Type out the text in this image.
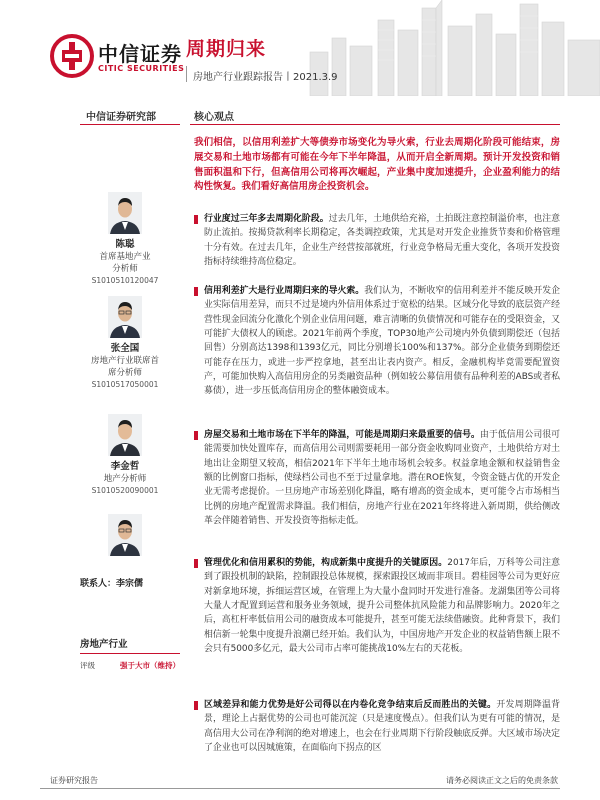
中信证券
CITIC SECURITIES
周期归来
房地产行业跟踪报告丨2021.3.9
中信证券研究部	核心观点
陈聪
首席基地产业
分析师
S1010510120047
张全国
房地产行业联席首
席分析师
S1010517050001
李金哲
地产分析师
S1010520090001
联系人：李宗儒
房地产行业
评级	强于大市（维持）
我们相信，以信用利差扩大等债券市场变化为导火索，行业去周期化阶段可能结束，房展交易和土地市场都有可能在今年下半年降温，从而开启全新周期。预计开发投资和销售面积温和下行，但高信用公司将再次崛起，产业集中度加速提升，企业盈利能力的结构性恢复。我们看好高信用房企投资机会。
行业度过三年多去周期化阶段。过去几年，土地供给充裕，土拍既注意控制溢价率，也注意防止流拍。按揭贷款利率长期稳定，各类调控政策，尤其是对开发企业推货节奏和价格管理十分有效。在过去几年，企业生产经营按部就班，行业竞争格局无重大变化，各项开发投资指标持续维持高位稳定。
信用利差扩大是行业周期归来的导火索。我们认为，不断收窄的信用利差并不能反映开发企业实际信用差异，而只不过是境内外信用体系过于宽松的结果。区域分化导致的底层资产经营性现金回流分化激化个别企业信用问题，难言清晰的负债情况和可能存在的受限资金，又可能扩大债权人的顾虑。2021年前两个季度，TOP30地产公司境内外负债到期偿还（包括回售）分别高达1398和1393亿元，同比分别增长100%和137%。部分企业债务到期偿还可能存在压力，或进一步严控拿地，甚至出让表内资产。相反，金融机构毕竟需要配置资产，可能加快购入高信用房企的另类融资品种（例如较公募信用债有品种利差的ABS或者私募债），进一步压低高信用房企的整体融资成本。
房屋交易和土地市场在下半年的降温，可能是周期归来最重要的信号。由于低信用公司很可能需要加快处置库存，而高信用公司则需要耗用一部分资金收购同业资产，土地供给方对土地出让金期望又较高，相信2021年下半年土地市场机会较多。权益拿地金额和权益销售金额的比例窗口指标，使绿档公司也不至于过量拿地。潜在ROE恢复，令资金链占优的开发企业无需考虑提价。一旦房地产市场差别化降温，略有增高的资金成本，更可能令占市场相当比例的房地产配置需求降温。我们相信，房地产行业在2021年终将进入新周期，供给侧改革会伴随着销售、开发投资等指标走低。
管理优化和信用累积的势能，构成新集中度提升的关键原因。2017年后，万科等公司注意到了跟投机制的缺陷，控制跟投总体规模，探索跟投区域而非项目。碧桂园等公司为更好应对新拿地环境，拆细运营区域，在管理上为大量小盘同时开发进行准备。龙湖集团等公司将大量人才配置到运营和服务业务领域，提升公司整体抗风险能力和品牌影响力。2020年之后，高杠杆率低信用公司的融资成本可能提升，甚至可能无法续借融资。此种背景下，我们相信新一轮集中度提升浪潮已经开始。我们认为，中国房地产开发企业的权益销售额上限不会只有5000多亿元，最大公司市占率可能挑战10%左右的天花板。
区域差异和能力优势是好公司得以在内卷化竞争结束后反而胜出的关键。开发周期降温背景，理论上占据优势的公司也可能沉淀（只是速度慢点）。但我们认为更有可能的情况，是高信用大公司在净利润的绝对增速上，也会在行业周期下行阶段触底反弹。大区域市场决定了企业也可以因城施策，在面临向下拐点的区
证券研究报告	请务必阅读正文之后的免责条款
